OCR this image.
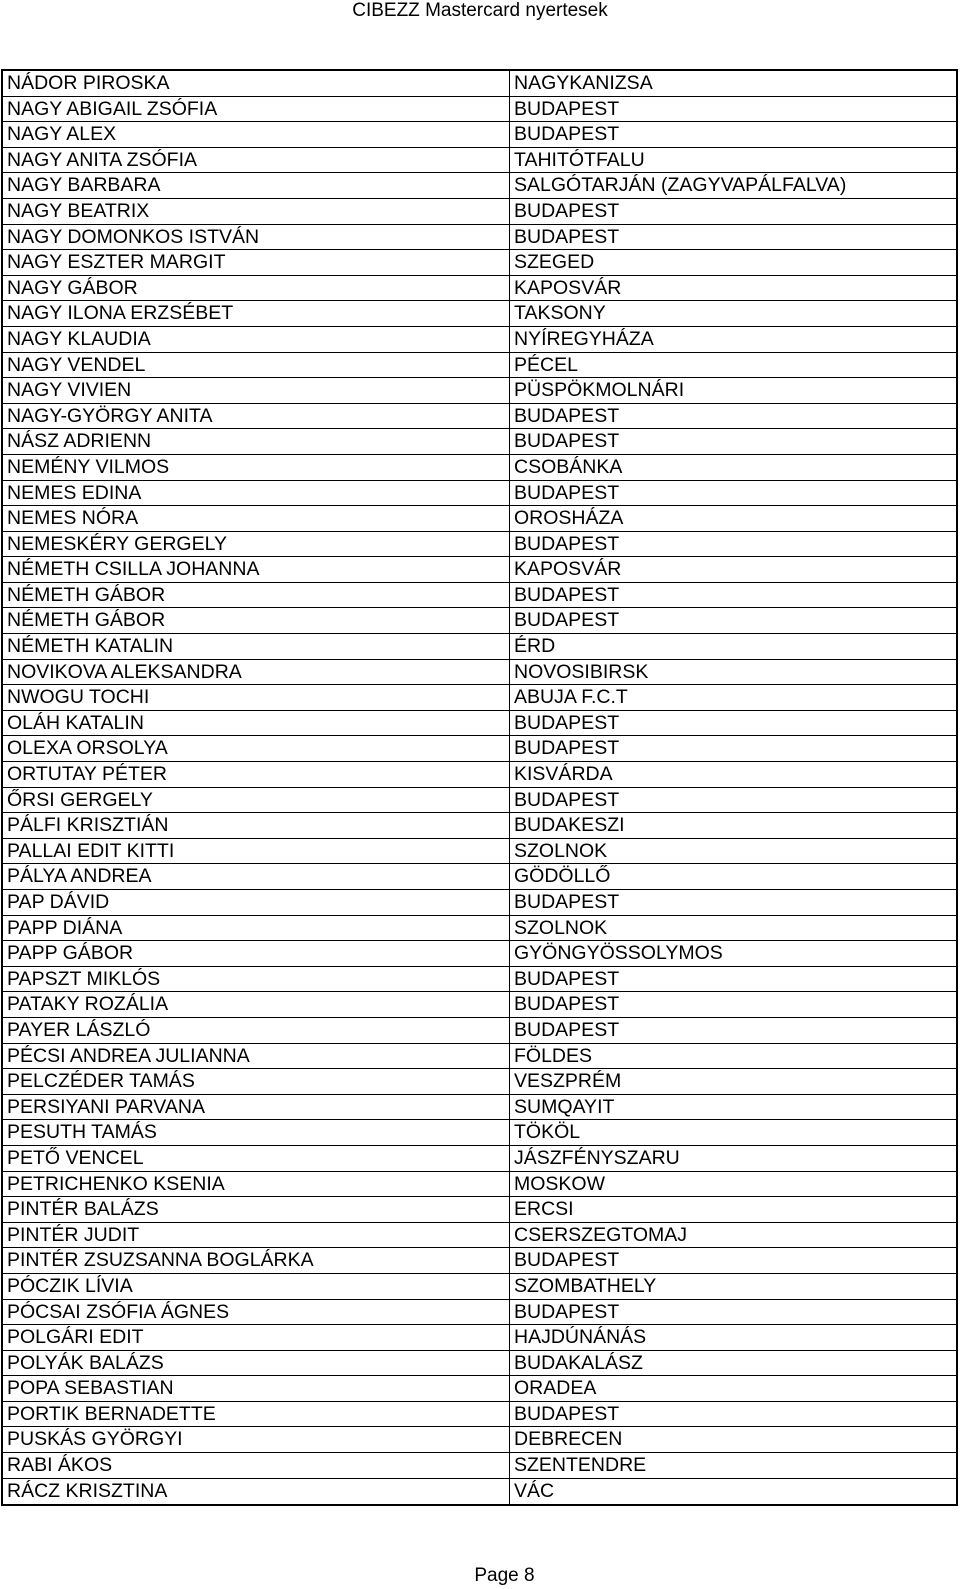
CIBEZZ Mastercard nyertesek
NÁDOR PIROSKA	NAGYKANIZSA
NAGY ABIGAIL ZSÓFIA	BUDAPEST
NAGY ALEX	BUDAPEST
NAGY ANITA ZSÓFIA	TAHITÓTFALU
NAGY BARBARA	SALGÓTARJÁN (ZAGYVAPÁLFALVA)
NAGY BEATRIX	BUDAPEST
NAGY DOMONKOS ISTVÁN	BUDAPEST
NAGY ESZTER MARGIT	SZEGED
NAGY GÁBOR	KAPOSVÁR
NAGY ILONA ERZSÉBET	TAKSONY
NAGY KLAUDIA	NYÍREGYHÁZA
NAGY VENDEL	PÉCEL
NAGY VIVIEN	PÜSPÖKMOLNÁRI
NAGY-GYÖRGY ANITA	BUDAPEST
NÁSZ ADRIENN	BUDAPEST
NEMÉNY VILMOS	CSOBÁNKA
NEMES EDINA	BUDAPEST
NEMES NÓRA	OROSHÁZA
NEMESKÉRY GERGELY	BUDAPEST
NÉMETH CSILLA JOHANNA	KAPOSVÁR
NÉMETH GÁBOR	BUDAPEST
NÉMETH GÁBOR	BUDAPEST
NÉMETH KATALIN	ÉRD
NOVIKOVA ALEKSANDRA	NOVOSIBIRSK
NWOGU TOCHI	ABUJA F.C.T
OLÁH KATALIN	BUDAPEST
OLEXA ORSOLYA	BUDAPEST
ORTUTAY PÉTER	KISVÁRDA
ŐRSI GERGELY	BUDAPEST
PÁLFI KRISZTIÁN	BUDAKESZI
PALLAI EDIT KITTI	SZOLNOK
PÁLYA ANDREA	GÖDÖLLŐ
PAP DÁVID	BUDAPEST
PAPP DIÁNA	SZOLNOK
PAPP GÁBOR	GYÖNGYÖSSOLYMOS
PAPSZT MIKLÓS	BUDAPEST
PATAKY ROZÁLIA	BUDAPEST
PAYER LÁSZLÓ	BUDAPEST
PÉCSI ANDREA JULIANNA	FÖLDES
PELCZÉDER TAMÁS	VESZPRÉM
PERSIYANI PARVANA	SUMQAYIT
PESUTH TAMÁS	TÖKÖL
PETŐ VENCEL	JÁSZFÉNYSZARU
PETRICHENKO KSENIA	MOSKOW
PINTÉR BALÁZS	ERCSI
PINTÉR JUDIT	CSERSZEGTOMAJ
PINTÉR ZSUZSANNA BOGLÁRKA	BUDAPEST
PÓCZIK LÍVIA	SZOMBATHELY
PÓCSAI ZSÓFIA ÁGNES	BUDAPEST
POLGÁRI EDIT	HAJDÚNÁNÁS
POLYÁK BALÁZS	BUDAKALÁSZ
POPA SEBASTIAN	ORADEA
PORTIK BERNADETTE	BUDAPEST
PUSKÁS GYÖRGYI	DEBRECEN
RABI ÁKOS	SZENTENDRE
RÁCZ KRISZTINA	VÁC
Page 8
